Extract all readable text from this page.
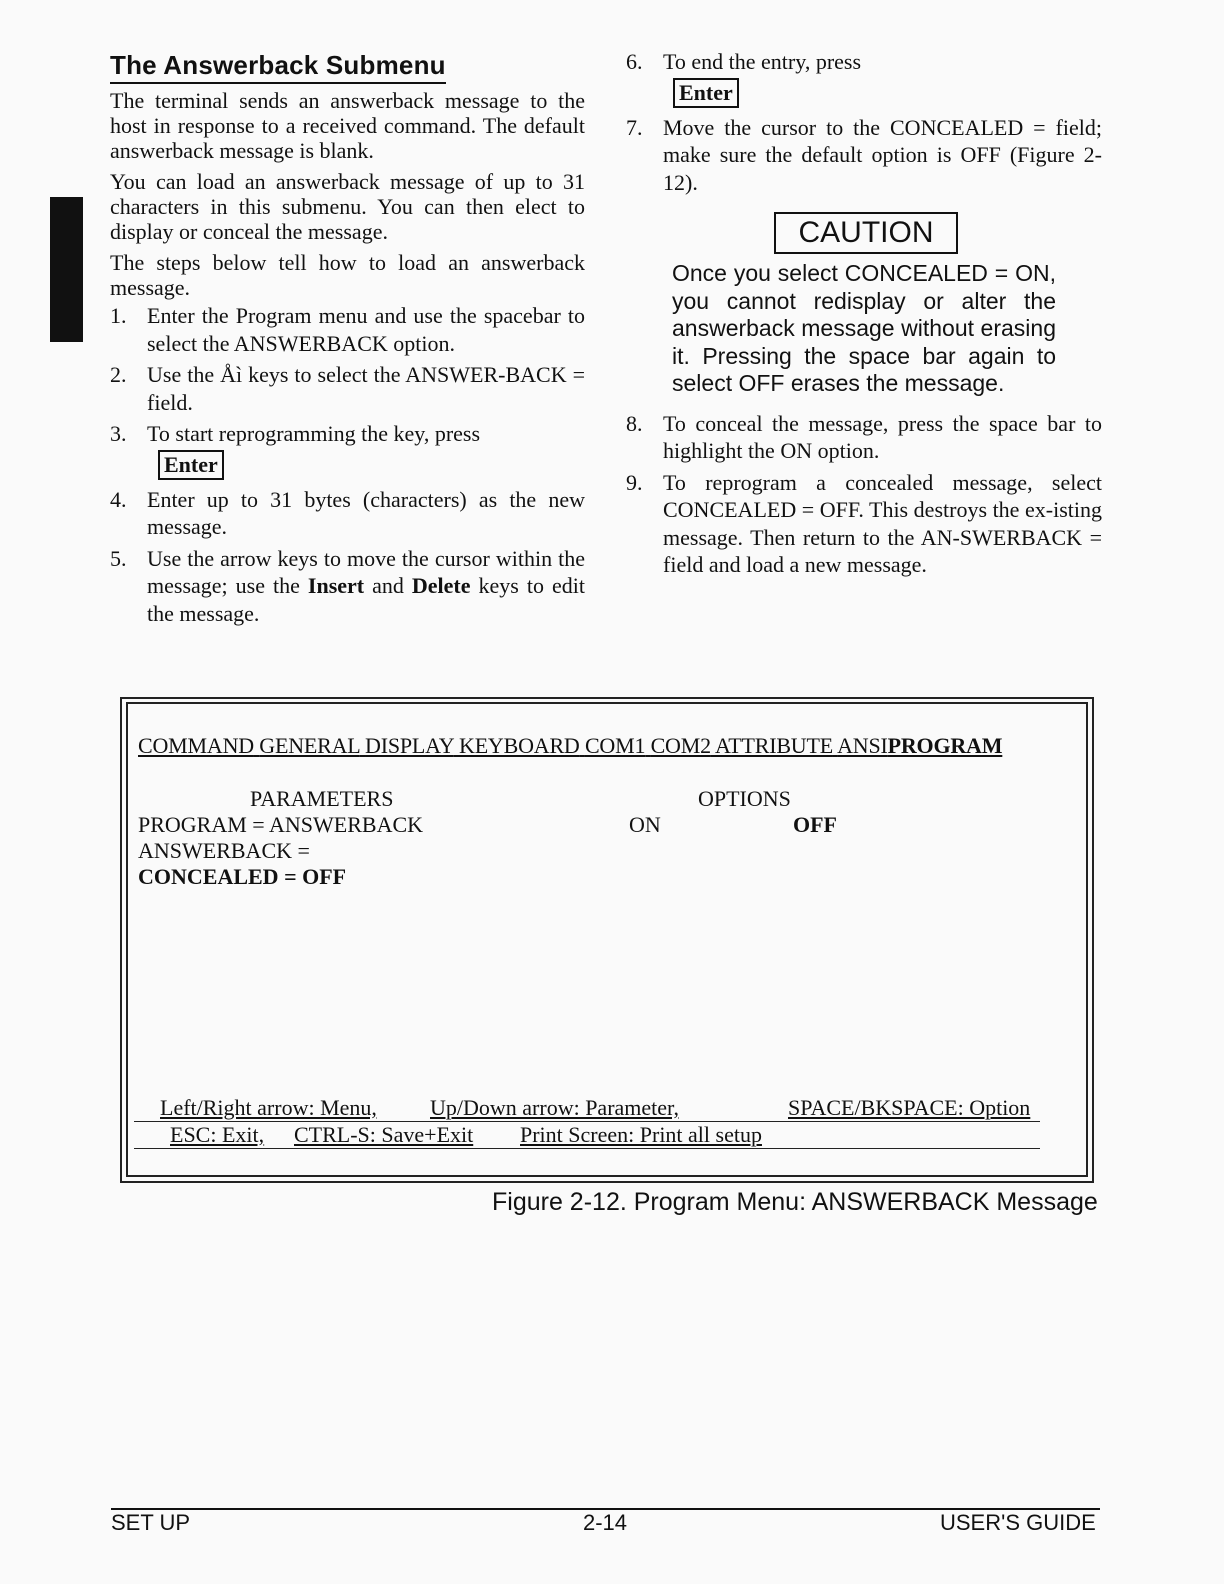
The Answerback Submenu

The terminal sends an answerback message to the host in response to a received command. The default answerback message is blank.

You can load an answerback message of up to 31 characters in this submenu. You can then elect to display or conceal the message.

The steps below tell how to load an answerback message.

1. Enter the Program menu and use the spacebar to select the ANSWERBACK option.
2. Use the Åì keys to select the ANSWER-BACK = field.
3. To start reprogramming the key, press
Enter
4. Enter up to 31 bytes (characters) as the new message.
5. Use the arrow keys to move the cursor within the message; use the Insert and Delete keys to edit the message.
6. To end the entry, press
Enter
7. Move the cursor to the CONCEALED = field; make sure the default option is OFF (Figure 2-12).
CAUTION
Once you select CONCEALED = ON, you cannot redisplay or alter the answerback message without erasing it. Pressing the space bar again to select OFF erases the message.
8. To conceal the message, press the space bar to highlight the ON option.
9. To reprogram a concealed message, select CONCEALED = OFF. This destroys the ex-isting message. Then return to the AN-SWERBACK = field and load a new message.
COMMAND GENERAL DISPLAY KEYBOARD COM1 COM2 ATTRIBUTE ANSIPROGRAM
PARAMETERS	OPTIONS
PROGRAM = ANSWERBACK
ANSWERBACK =
CONCEALED = OFF
ON	OFF
Left/Right arrow: Menu, Up/Down arrow: Parameter,	SPACE/BKSPACE: Option
ESC: Exit, CTRL-S: Save+Exit Print Screen: Print all setup
Figure 2-12. Program Menu: ANSWERBACK Message
SET UP	2-14	USER'S GUIDE
